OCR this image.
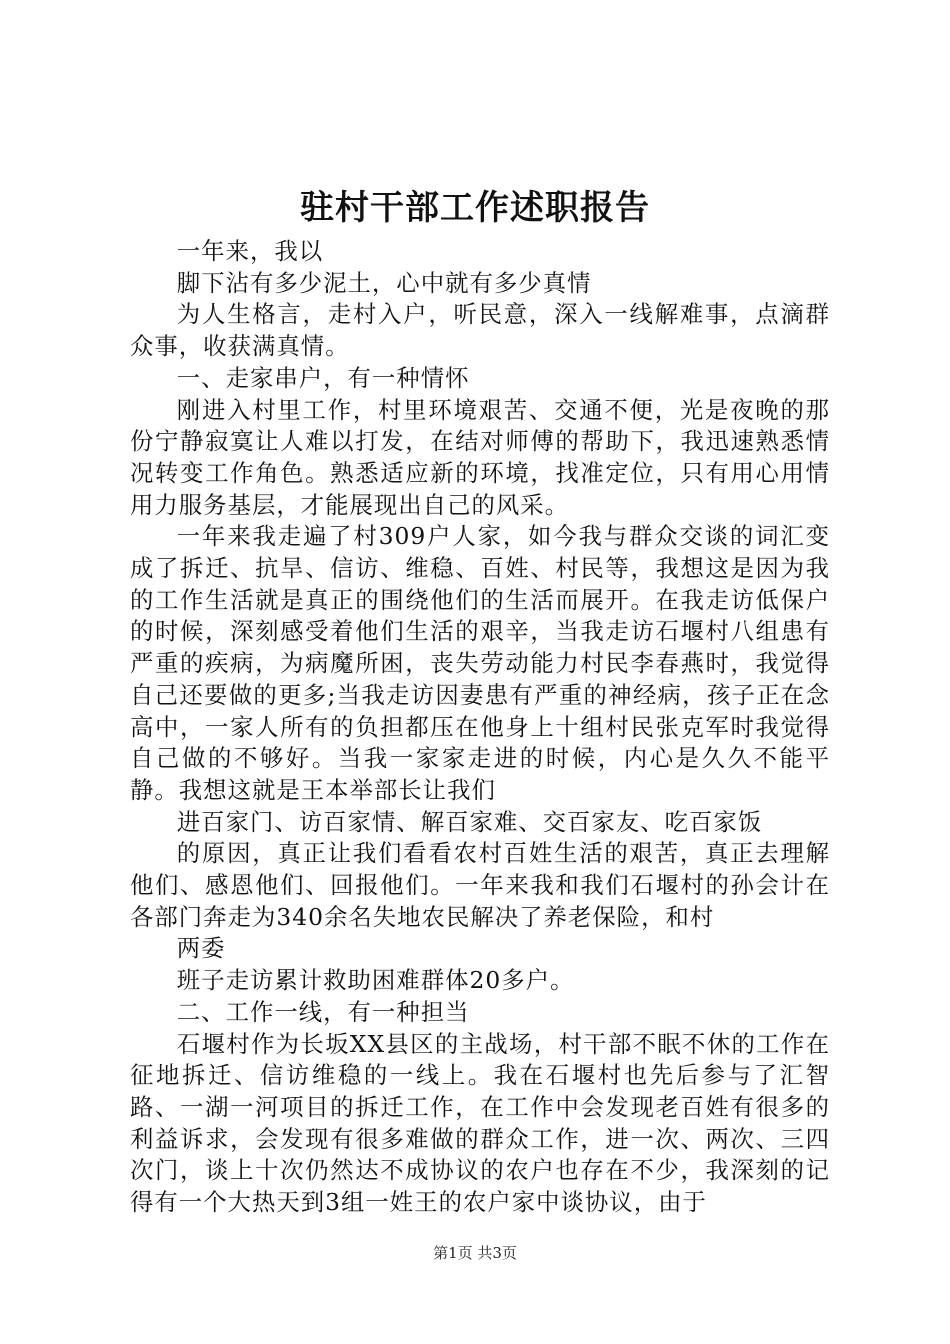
驻村干部工作述职报告

一年来，我以

脚下沾有多少泥土，心中就有多少真情

为人生格言，走村入户，听民意，深入一线解难事，点滴群众事，收获满真情。

一、走家串户，有一种情怀

刚进入村里工作，村里环境艰苦、交通不便，光是夜晚的那份宁静寂寞让人难以打发，在结对师傅的帮助下，我迅速熟悉情况转变工作角色。熟悉适应新的环境，找准定位，只有用心用情用力服务基层，才能展现出自己的风采。

一年来我走遍了村309户人家，如今我与群众交谈的词汇变成了拆迁、抗旱、信访、维稳、百姓、村民等，我想这是因为我的工作生活就是真正的围绕他们的生活而展开。在我走访低保户的时候，深刻感受着他们生活的艰辛，当我走访石堰村八组患有严重的疾病，为病魔所困，丧失劳动能力村民李春燕时，我觉得自己还要做的更多;当我走访因妻患有严重的神经病，孩子正在念高中，一家人所有的负担都压在他身上十组村民张克军时我觉得自己做的不够好。当我一家家走进的时候，内心是久久不能平静。我想这就是王本举部长让我们

进百家门、访百家情、解百家难、交百家友、吃百家饭

的原因，真正让我们看看农村百姓生活的艰苦，真正去理解他们、感恩他们、回报他们。一年来我和我们石堰村的孙会计在各部门奔走为340余名失地农民解决了养老保险，和村

两委

班子走访累计救助困难群体20多户。

二、工作一线，有一种担当

石堰村作为长坂XX县区的主战场，村干部不眠不休的工作在征地拆迁、信访维稳的一线上。我在石堰村也先后参与了汇智路、一湖一河项目的拆迁工作，在工作中会发现老百姓有很多的利益诉求，会发现有很多难做的群众工作，进一次、两次、三四次门，谈上十次仍然达不成协议的农户也存在不少，我深刻的记得有一个大热天到3组一姓王的农户家中谈协议，由于

第1页 共3页
